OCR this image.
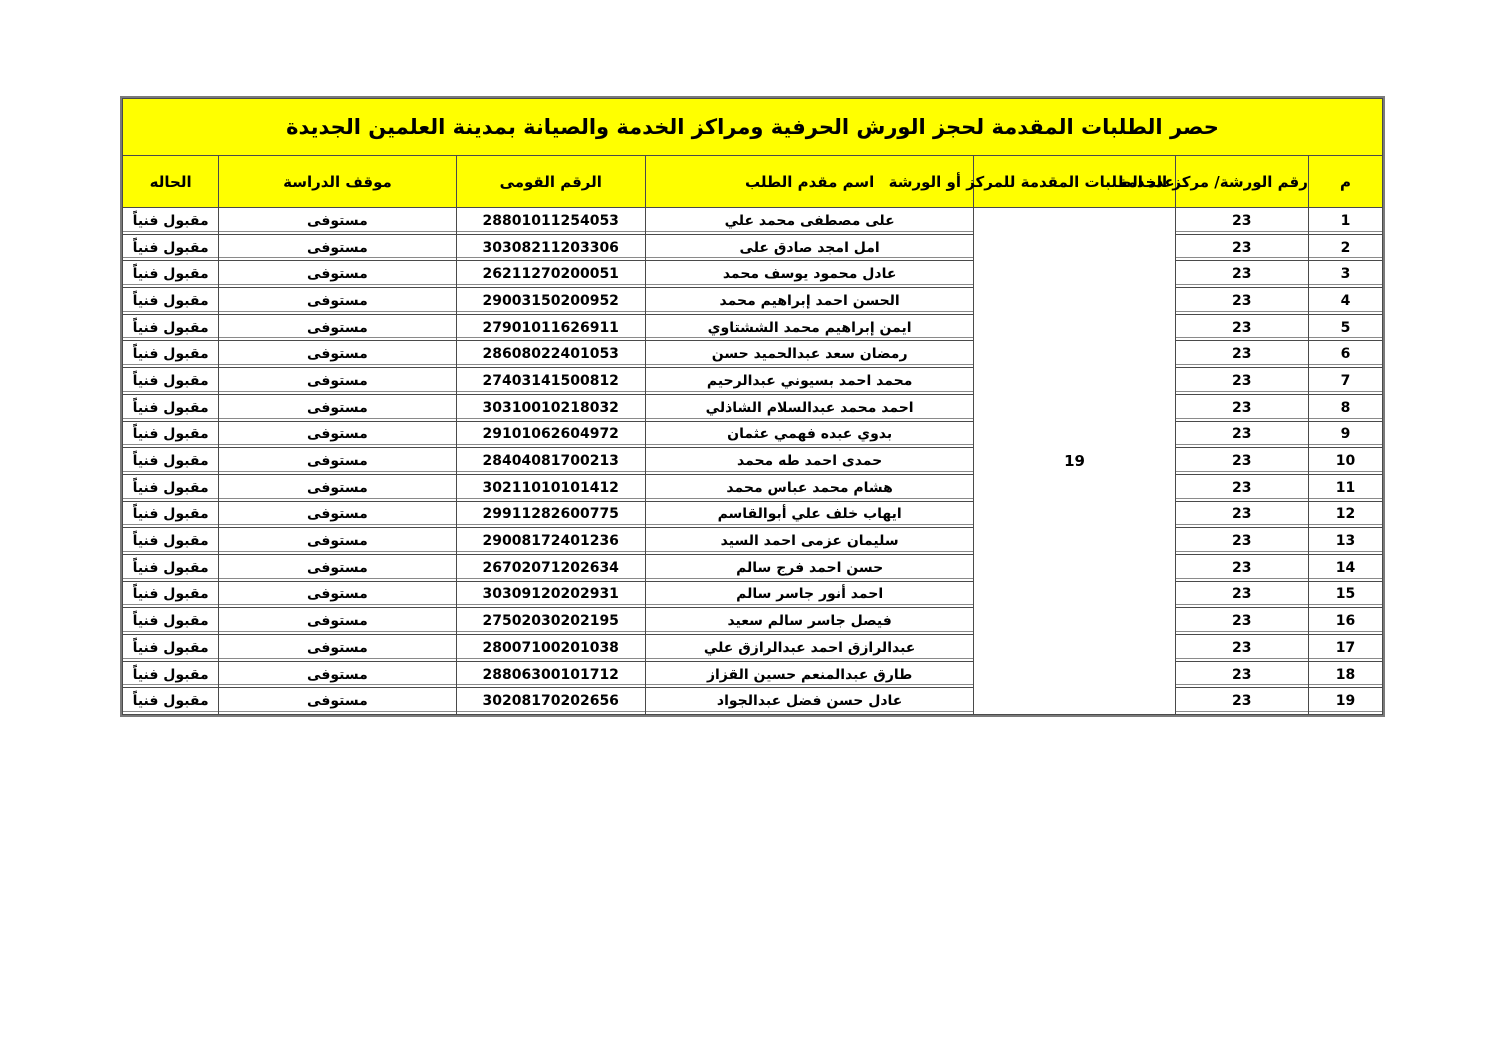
حصر الطلبات المقدمة لحجز الورش الحرفية ومراكز الخدمة والصيانة بمدينة العلمين الجديدة						
م	رقم الورشة/ مركز الخدمة	عدد الطلبات المقدمة للمركز أو الورشة	اسم مقدم الطلب	الرقم القومى	موقف الدراسة	الحاله
1	23	19	على مصطفى محمد علي	28801011254053	مستوفى	مقبول فنياً
2	23		امل امجد صادق على	30308211203306	مستوفى	مقبول فنياً
3	23		عادل محمود يوسف محمد	26211270200051	مستوفى	مقبول فنياً
4	23		الحسن احمد إبراهيم محمد	29003150200952	مستوفى	مقبول فنياً
5	23		ايمن إبراهيم محمد الششتاوي	27901011626911	مستوفى	مقبول فنياً
6	23		رمضان سعد عبدالحميد حسن	28608022401053	مستوفى	مقبول فنياً
7	23		محمد احمد بسيوني عبدالرحيم	27403141500812	مستوفى	مقبول فنياً
8	23		احمد محمد عبدالسلام الشاذلي	30310010218032	مستوفى	مقبول فنياً
9	23		بدوي عبده فهمي عثمان	29101062604972	مستوفى	مقبول فنياً
10	23		حمدى احمد طه محمد	28404081700213	مستوفى	مقبول فنياً
11	23		هشام محمد عباس محمد	30211010101412	مستوفى	مقبول فنياً
12	23		ايهاب خلف علي أبوالقاسم	29911282600775	مستوفى	مقبول فنياً
13	23		سليمان عزمى احمد السيد	29008172401236	مستوفى	مقبول فنياً
14	23		حسن احمد فرج سالم	26702071202634	مستوفى	مقبول فنياً
15	23		احمد أنور جاسر سالم	30309120202931	مستوفى	مقبول فنياً
16	23		فيصل جاسر سالم سعيد	27502030202195	مستوفى	مقبول فنياً
17	23		عبدالرازق احمد عبدالرازق علي	28007100201038	مستوفى	مقبول فنياً
18	23		طارق عبدالمنعم حسين القزاز	28806300101712	مستوفى	مقبول فنياً
19	23		عادل حسن فضل عبدالجواد	30208170202656	مستوفى	مقبول فنياً
